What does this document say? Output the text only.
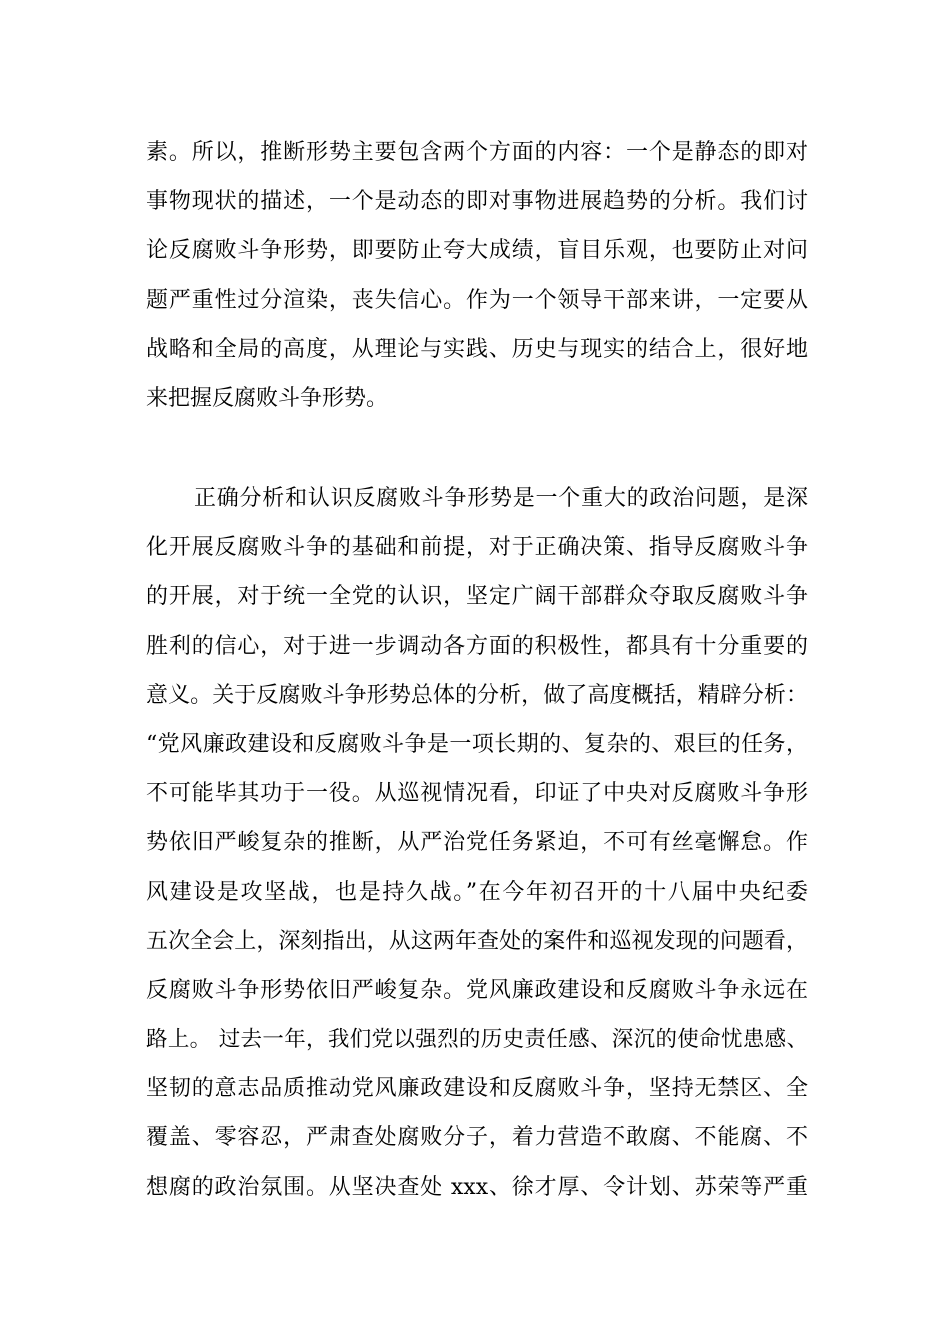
素。所以，推断形势主要包含两个方面的内容：一个是静态的即对
事物现状的描述，一个是动态的即对事物进展趋势的分析。我们讨
论反腐败斗争形势，即要防止夸大成绩，盲目乐观，也要防止对问
题严重性过分渲染，丧失信心。作为一个领导干部来讲，一定要从
战略和全局的高度，从理论与实践、历史与现实的结合上，很好地
来把握反腐败斗争形势。
正确分析和认识反腐败斗争形势是一个重大的政治问题，是深
化开展反腐败斗争的基础和前提，对于正确决策、指导反腐败斗争
的开展，对于统一全党的认识，坚定广阔干部群众夺取反腐败斗争
胜利的信心，对于进一步调动各方面的积极性，都具有十分重要的
意义。关于反腐败斗争形势总体的分析，做了高度概括，精辟分析：
“党风廉政建设和反腐败斗争是一项长期的、复杂的、艰巨的任务，
不可能毕其功于一役。从巡视情况看，印证了中央对反腐败斗争形
势依旧严峻复杂的推断，从严治党任务紧迫，不可有丝毫懈怠。作
风建设是攻坚战，也是持久战。”在今年初召开的十八届中央纪委
五次全会上，深刻指出，从这两年查处的案件和巡视发现的问题看，
反腐败斗争形势依旧严峻复杂。党风廉政建设和反腐败斗争永远在
路上。 过去一年，我们党以强烈的历史责任感、深沉的使命忧患感、
坚韧的意志品质推动党风廉政建设和反腐败斗争，坚持无禁区、全
覆盖、零容忍，严肃查处腐败分子，着力营造不敢腐、不能腐、不
想腐的政治氛围。从坚决查处 xxx、徐才厚、令计划、苏荣等严重
